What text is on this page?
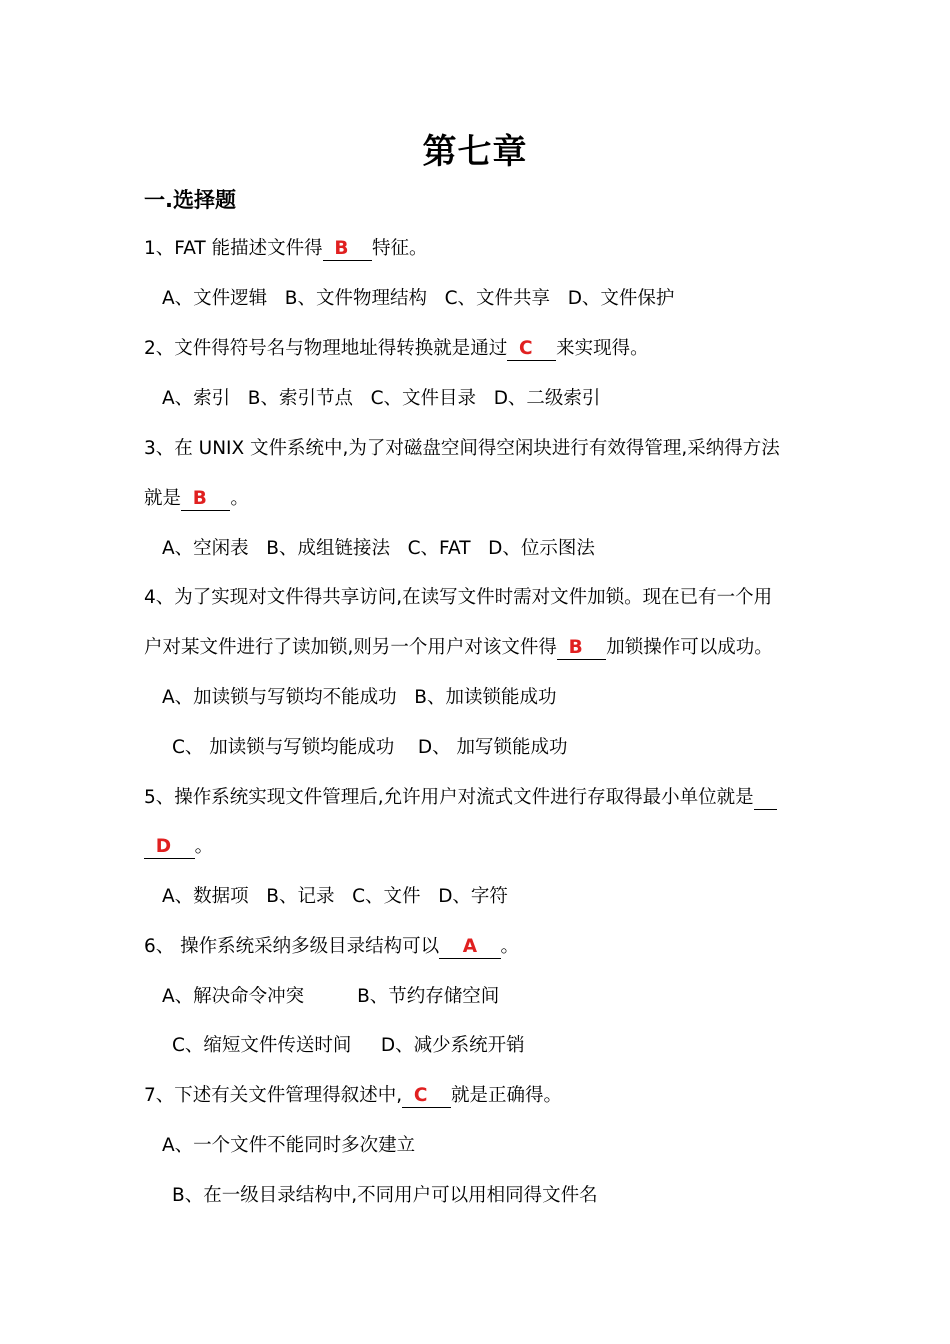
第七章
一.选择题
1、FAT 能描述文件得 B 特征。
A、文件逻辑   B、文件物理结构   C、文件共享   D、文件保护
2、文件得符号名与物理地址得转换就是通过 C 来实现得。
A、索引   B、索引节点   C、文件目录   D、二级索引
3、在 UNIX 文件系统中,为了对磁盘空间得空闲块进行有效得管理,采纳得方法
就是 B 。
A、空闲表   B、成组链接法   C、FAT   D、位示图法
4、为了实现对文件得共享访问,在读写文件时需对文件加锁。现在已有一个用
户对某文件进行了读加锁,则另一个用户对该文件得 B 加锁操作可以成功。
A、加读锁与写锁均不能成功   B、加读锁能成功
C、 加读锁与写锁均能成功    D、 加写锁能成功
5、操作系统实现文件管理后,允许用户对流式文件进行存取得最小单位就是
D 。
A、数据项   B、记录   C、文件   D、字符
6、 操作系统采纳多级目录结构可以 A 。
A、解决命令冲突         B、节约存储空间
C、缩短文件传送时间     D、减少系统开销
7、下述有关文件管理得叙述中, C 就是正确得。
A、一个文件不能同时多次建立
B、在一级目录结构中,不同用户可以用相同得文件名
